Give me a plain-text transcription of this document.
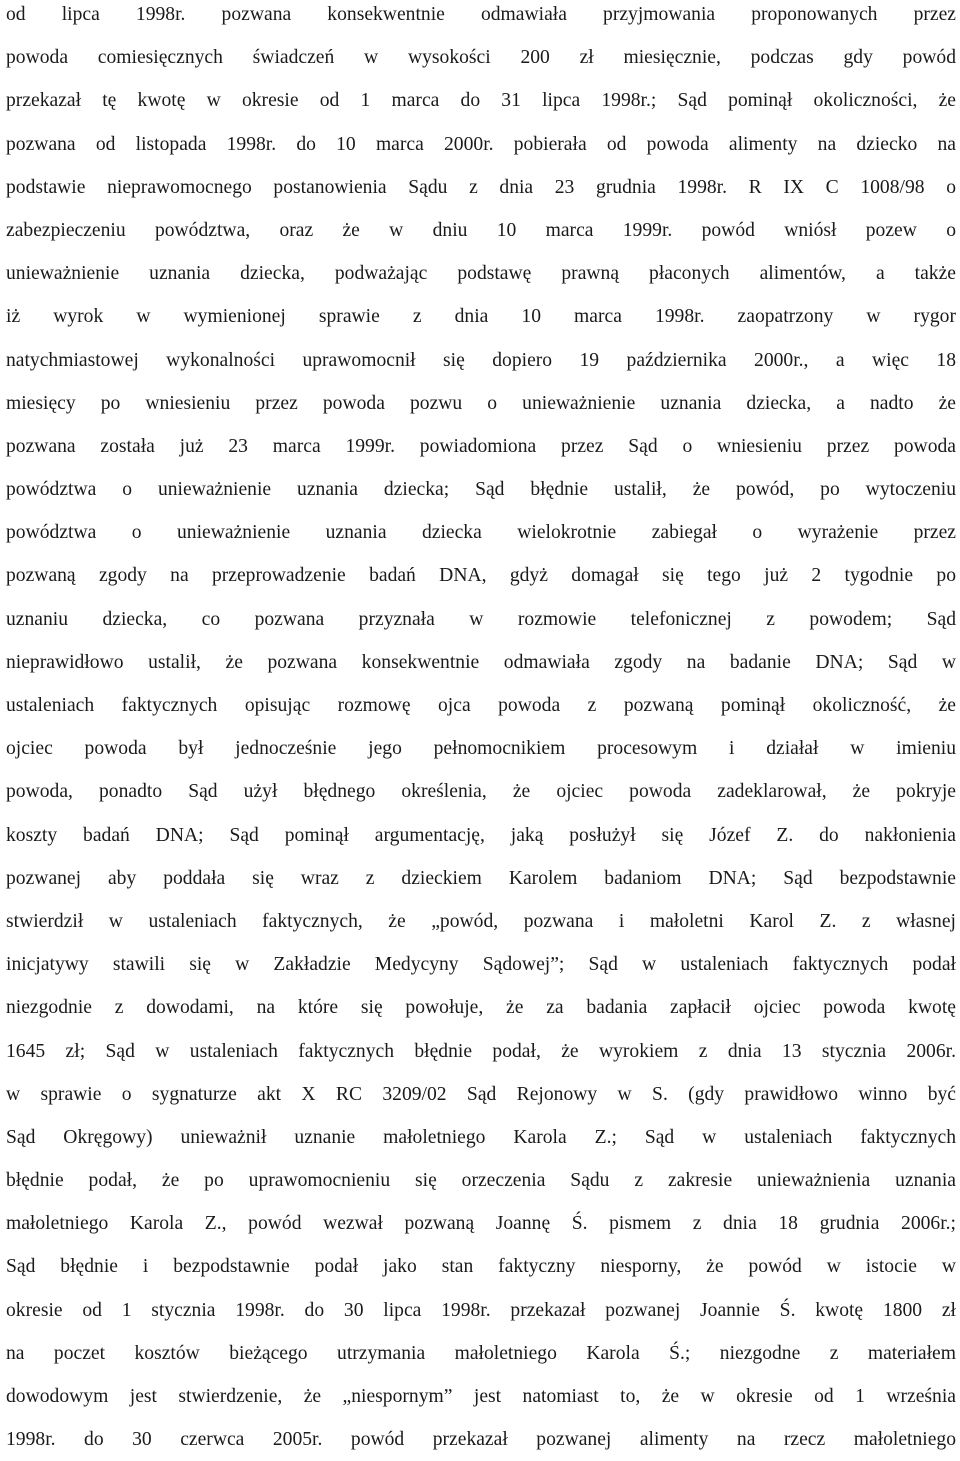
od lipca 1998r. pozwana konsekwentnie odmawiała przyjmowania proponowanych przez
powoda comiesięcznych świadczeń w wysokości 200 zł miesięcznie, podczas gdy powód
przekazał tę kwotę w okresie od 1 marca do 31 lipca 1998r.; Sąd pominął okoliczności, że
pozwana od listopada 1998r. do 10 marca 2000r. pobierała od powoda alimenty na dziecko na
podstawie nieprawomocnego postanowienia Sądu z dnia 23 grudnia 1998r. R IX C 1008/98 o
zabezpieczeniu powództwa, oraz że w dniu 10 marca 1999r. powód wniósł pozew o
unieważnienie uznania dziecka, podważając podstawę prawną płaconych alimentów, a także
iż wyrok w wymienionej sprawie z dnia 10 marca 1998r. zaopatrzony w rygor
natychmiastowej wykonalności uprawomocnił się dopiero 19 października 2000r., a więc 18
miesięcy po wniesieniu przez powoda pozwu o unieważnienie uznania dziecka, a nadto że
pozwana została już 23 marca 1999r. powiadomiona przez Sąd o wniesieniu przez powoda
powództwa o unieważnienie uznania dziecka; Sąd błędnie ustalił, że powód, po wytoczeniu
powództwa o unieważnienie uznania dziecka wielokrotnie zabiegał o wyrażenie przez
pozwaną zgody na przeprowadzenie badań DNA, gdyż domagał się tego już 2 tygodnie po
uznaniu dziecka, co pozwana przyznała w rozmowie telefonicznej z powodem; Sąd
nieprawidłowo ustalił, że pozwana konsekwentnie odmawiała zgody na badanie DNA; Sąd w
ustaleniach faktycznych opisując rozmowę ojca powoda z pozwaną pominął okoliczność, że
ojciec powoda był jednocześnie jego pełnomocnikiem procesowym i działał w imieniu
powoda, ponadto Sąd użył błędnego określenia, że ojciec powoda zadeklarował, że pokryje
koszty badań DNA; Sąd pominął argumentację, jaką posłużył się Józef Z. do nakłonienia
pozwanej aby poddała się wraz z dzieckiem Karolem badaniom DNA; Sąd bezpodstawnie
stwierdził w ustaleniach faktycznych, że „powód, pozwana i małoletni Karol Z. z własnej
inicjatywy stawili się w Zakładzie Medycyny Sądowej”; Sąd w ustaleniach faktycznych podał
niezgodnie z dowodami, na które się powołuje, że za badania zapłacił ojciec powoda kwotę
1645 zł; Sąd w ustaleniach faktycznych błędnie podał, że wyrokiem z dnia 13 stycznia 2006r.
w sprawie o sygnaturze akt X RC 3209/02 Sąd Rejonowy w S. (gdy prawidłowo winno być
Sąd Okręgowy) unieważnił uznanie małoletniego Karola Z.; Sąd w ustaleniach faktycznych
błędnie podał, że po uprawomocnieniu się orzeczenia Sądu z zakresie unieważnienia uznania
małoletniego Karola Z., powód wezwał pozwaną Joannę Ś. pismem z dnia 18 grudnia 2006r.;
Sąd błędnie i bezpodstawnie podał jako stan faktyczny niesporny, że powód w istocie w
okresie od 1 stycznia 1998r. do 30 lipca 1998r. przekazał pozwanej Joannie Ś. kwotę 1800 zł
na poczet kosztów bieżącego utrzymania małoletniego Karola Ś.; niezgodne z materiałem
dowodowym jest stwierdzenie, że „niespornym” jest natomiast to, że w okresie od 1 września
1998r. do 30 czerwca 2005r. powód przekazał pozwanej alimenty na rzecz małoletniego
